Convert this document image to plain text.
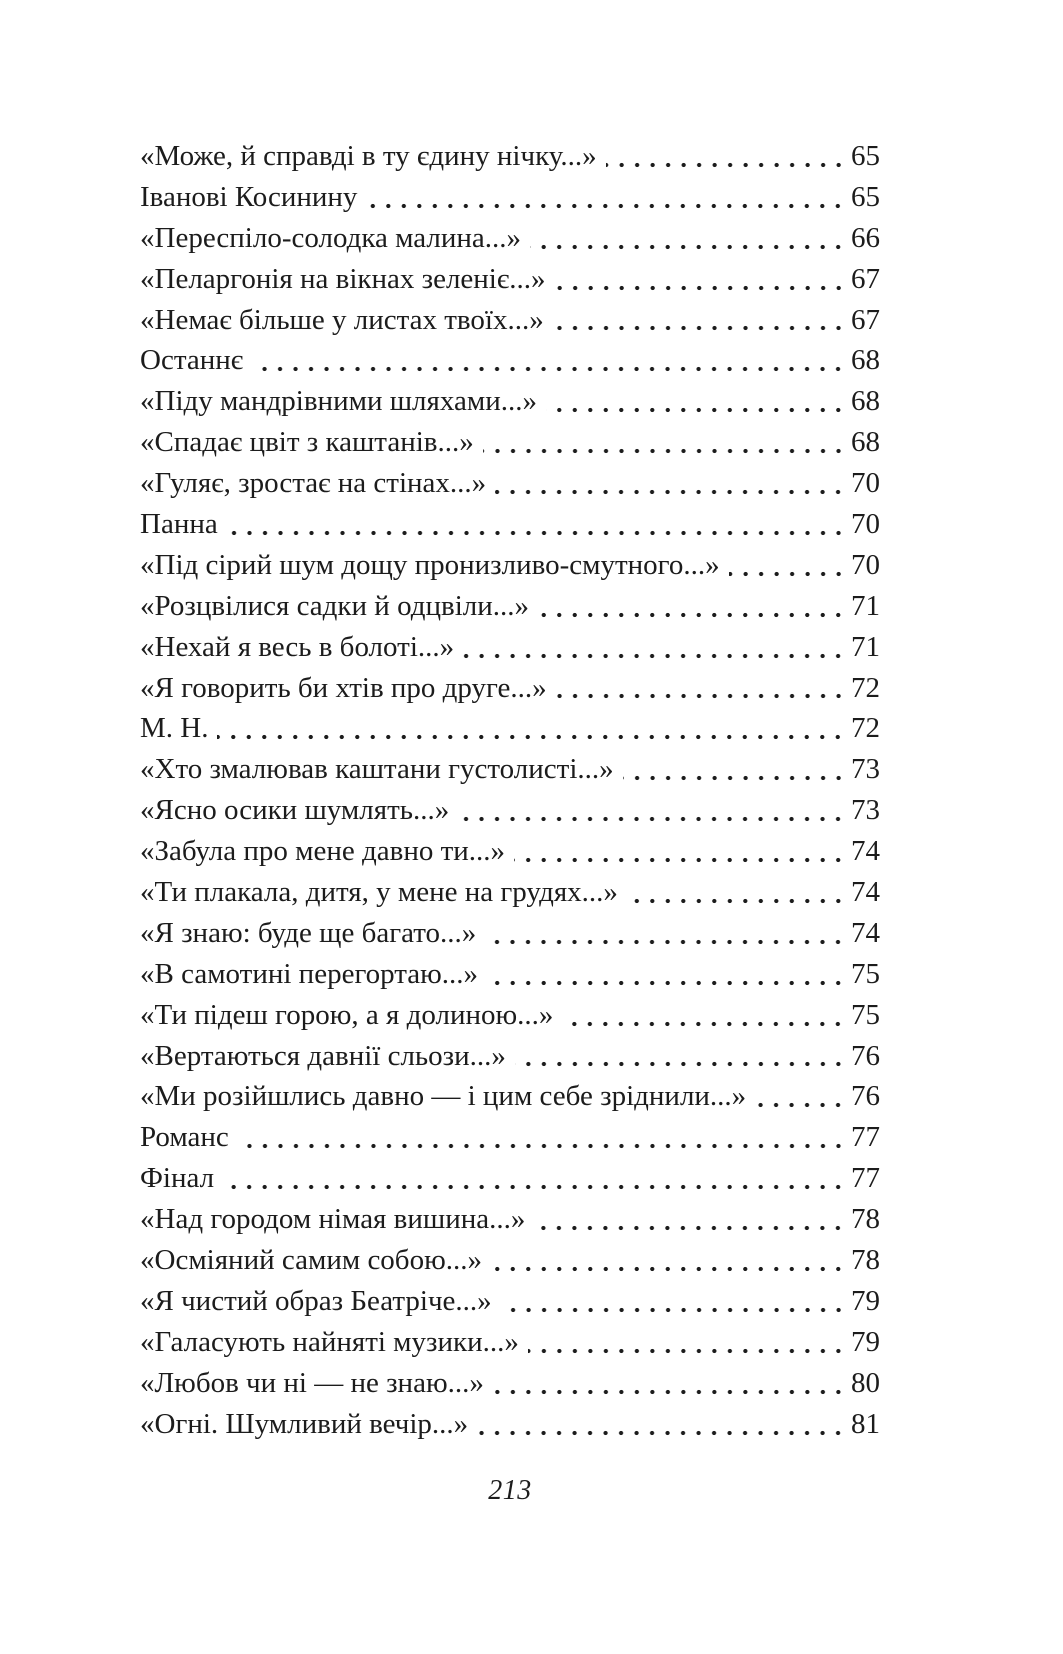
«Може, й справді в ту єдину нічку...»	65
Іванові Косинину	65
«Переспіло-солодка малина...»	66
«Пеларгонія на вікнах зеленіє...»	67
«Немає більше у листах твоїх...»	67
Останнє	68
«Піду мандрівними шляхами...»	68
«Спадає цвіт з каштанів...»	68
«Гуляє, зростає на стінах...»	70
Панна	70
«Під сірий шум дощу пронизливо-смутного...»	70
«Розцвілися садки й одцвіли...»	71
«Нехай я весь в болоті...»	71
«Я говорить би хтів про друге...»	72
М. Н.	72
«Хто змалював каштани густолисті...»	73
«Ясно осики шумлять...»	73
«Забула про мене давно ти...»	74
«Ти плакала, дитя, у мене на грудях...»	74
«Я знаю: буде ще багато...»	74
«В самотині перегортаю...»	75
«Ти підеш горою, а я долиною...»	75
«Вертаються давнії сльози...»	76
«Ми розійшлись давно — і цим себе зріднили...»	76
Романс	77
Фінал	77
«Над городом німая вишина...»	78
«Осміяний самим собою...»	78
«Я чистий образ Беатріче...»	79
«Галасують найняті музики...»	79
«Любов чи ні — не знаю...»	80
«Огні. Шумливий вечір...»	81
213
